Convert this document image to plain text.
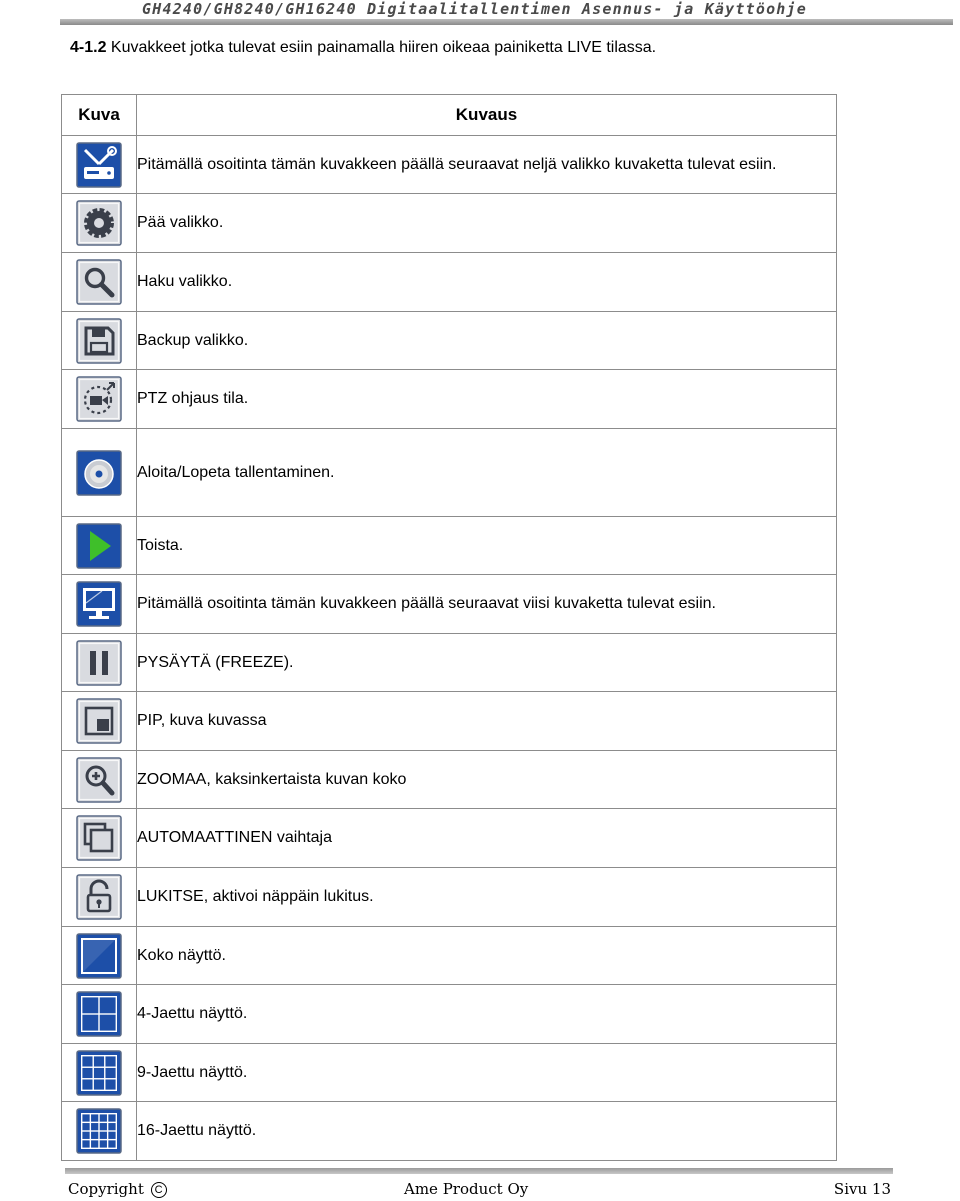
GH4240/GH8240/GH16240 Digitaalitallentimen Asennus- ja Käyttöohje
4-1.2 Kuvakkeet jotka tulevat esiin painamalla hiiren oikeaa painiketta LIVE tilassa.
Kuva	Kuvaus

	Pitämällä osoitinta tämän kuvakkeen päällä seuraavat neljä valikko kuvaketta tulevat esiin.

	Pää valikko.

	Haku valikko.

	Backup valikko.

	PTZ ohjaus tila.

	Aloita/Lopeta tallentaminen.

	Toista.

	Pitämällä osoitinta tämän kuvakkeen päällä seuraavat viisi kuvaketta tulevat esiin.

	PYSÄYTÄ (FREEZE).

	PIP, kuva kuvassa

	ZOOMAA, kaksinkertaista kuvan koko

	AUTOMAATTINEN vaihtaja

	LUKITSE, aktivoi näppäin lukitus.

	Koko näyttö.

	4-Jaettu näyttö.

	9-Jaettu näyttö.

	16-Jaettu näyttö.
Copyright C	Ame Product Oy	Sivu 13
